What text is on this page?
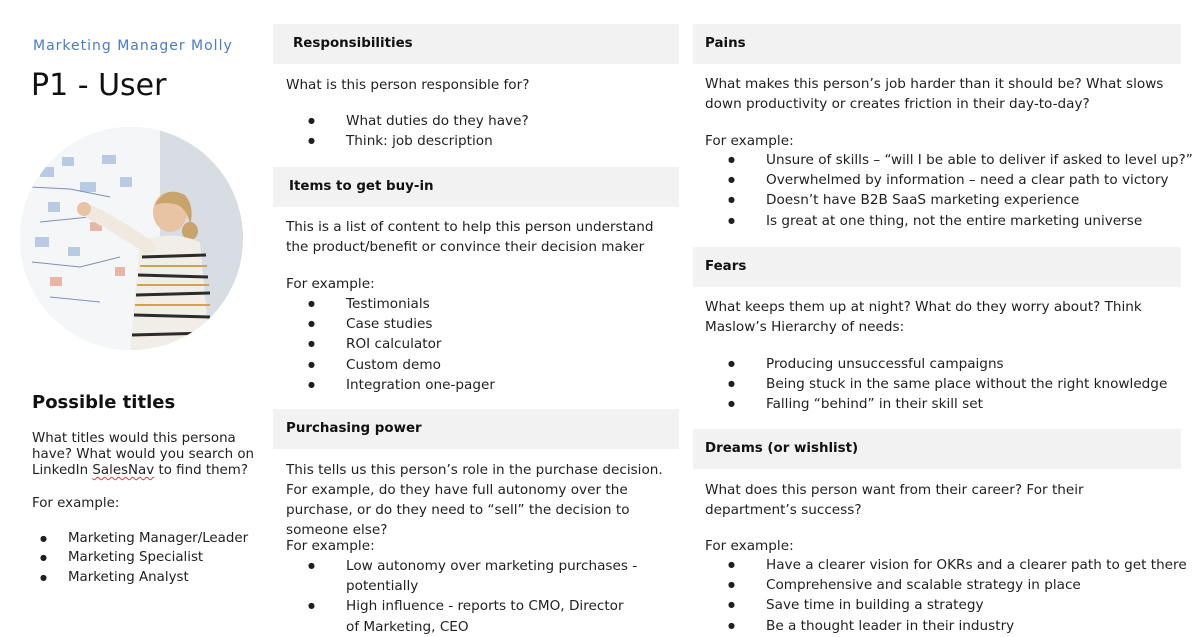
Marketing Manager Molly
P1 - User
Possible titles

What titles would this persona have? What would you search on LinkedIn SalesNav to find them?

For example:

● Marketing Manager/Leader
● Marketing Specialist
● Marketing Analyst
Responsibilities

What is this person responsible for?

● What duties do they have?
● Think: job description
Items to get buy-in

This is a list of content to help this person understand the product/benefit or convince their decision maker

For example:

● Testimonials
● Case studies
● ROI calculator
● Custom demo
● Integration one-pager
Purchasing power

This tells us this person’s role in the purchase decision. For example, do they have full autonomy over the purchase, or do they need to “sell” the decision to someone else?

For example:

● Low autonomy over marketing purchases - potentially
● High influence - reports to CMO, Director of Marketing, CEO
Pains

What makes this person’s job harder than it should be? What slows down productivity or creates friction in their day-to-day?

For example:

● Unsure of skills – “will I be able to deliver if asked to level up?”
● Overwhelmed by information – need a clear path to victory
● Doesn’t have B2B SaaS marketing experience
● Is great at one thing, not the entire marketing universe
Fears

What keeps them up at night? What do they worry about? Think Maslow’s Hierarchy of needs:

● Producing unsuccessful campaigns
● Being stuck in the same place without the right knowledge
● Falling “behind” in their skill set
Dreams (or wishlist)

What does this person want from their career? For their department’s success?

For example:

● Have a clearer vision for OKRs and a clearer path to get there
● Comprehensive and scalable strategy in place
● Save time in building a strategy
● Be a thought leader in their industry
